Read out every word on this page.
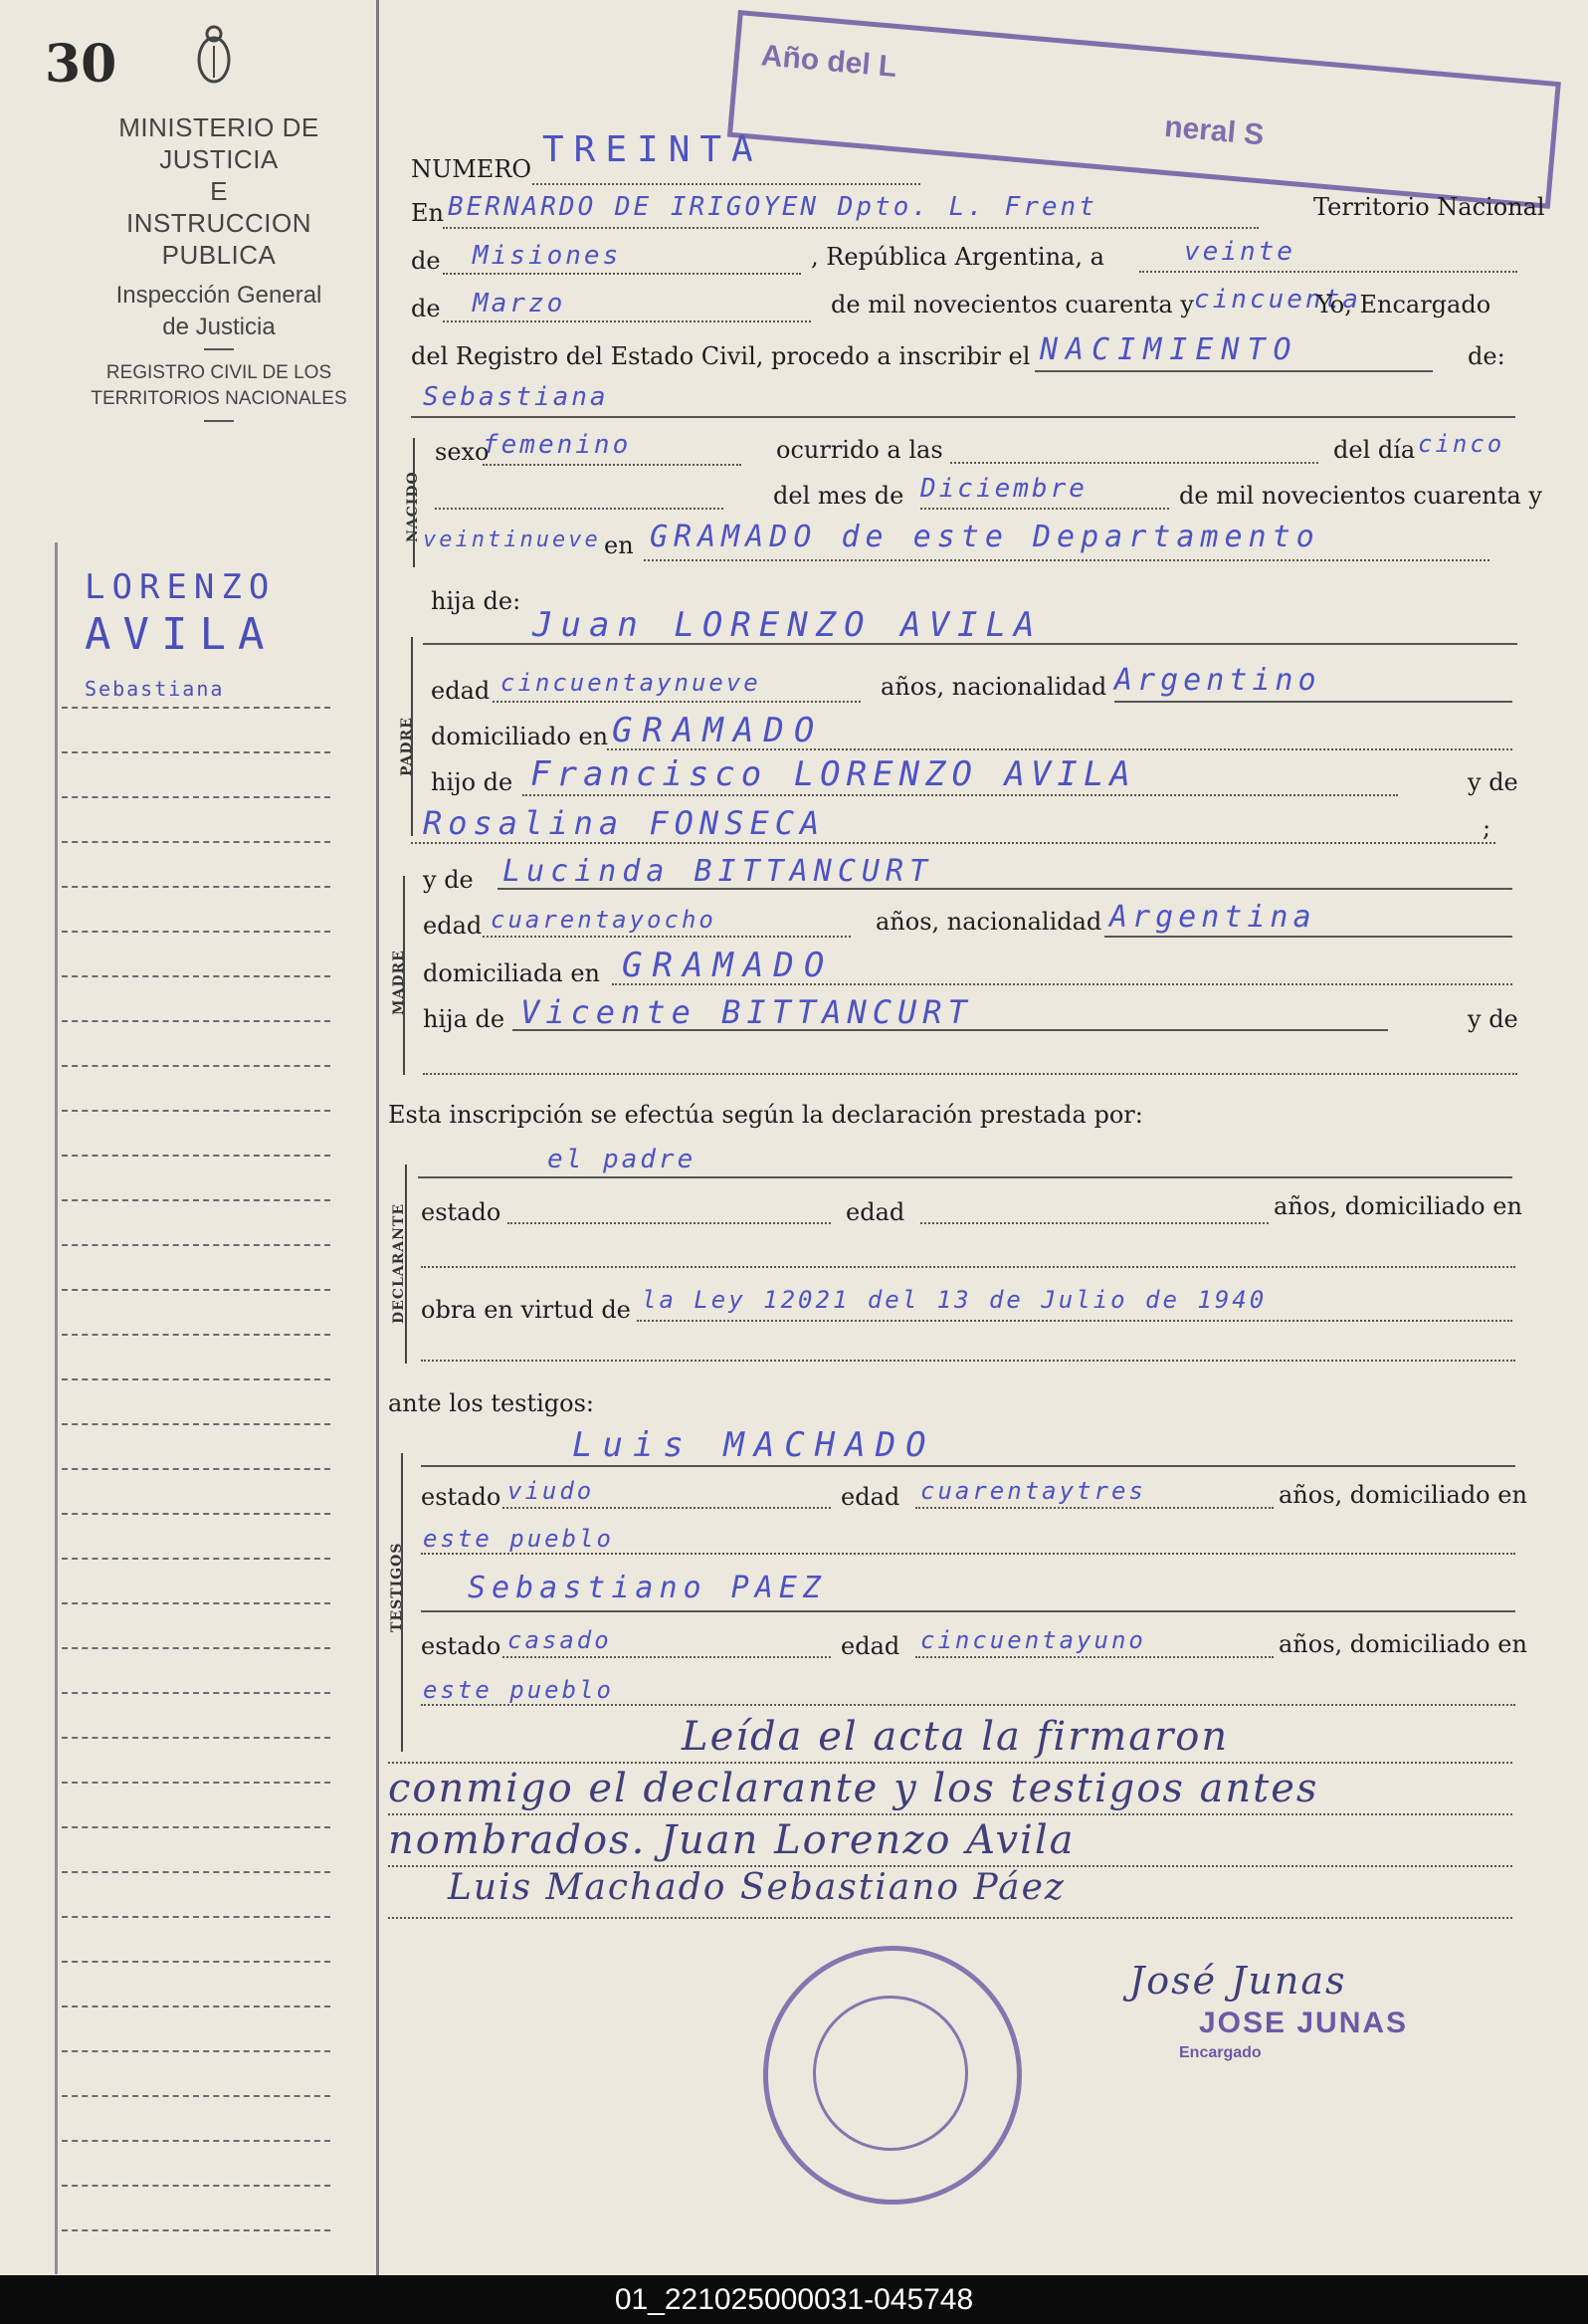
30
MINISTERIO DE JUSTICIA
E
INSTRUCCION PUBLICA
Inspección General
de Justicia
REGISTRO CIVIL DE LOS
TERRITORIOS NACIONALES
LORENZO
AVILA
Sebastiana
Año del L
neral S
NUMERO TREINTA
En BERNARDO DE IRIGOYEN Dpto. L. Frent	Territorio Nacional
de Misiones	, República Argentina, a	veinte
de Marzo	de mil novecientos cuarenta y cincuenta
Yo, Encargado
del Registro del Estado Civil, procedo a inscribir el NACIMIENTO	de:
Sebastiana
NACIDO
sexo
femenino	ocurrido a las	del día cinco
del mes de Diciembre	de mil novecientos cuarenta y
veintinueve en GRAMADO de este Departamento
hija de:
PADRE
Juan LORENZO AVILA
edad cincuentaynueve	años, nacionalidad Argentino
domiciliado en GRAMADO
hijo de Francisco LORENZO AVILA	y de
Rosalina FONSECA	;
MADRE
y de Lucinda BITTANCURT
edad cuarentayocho	años, nacionalidad Argentina
domiciliada en GRAMADO
hija de Vicente BITTANCURT	y de
Esta inscripción se efectúa según la declaración prestada por:
DECLARANTE
el padre
estado	edad	años, domiciliado en
obra en virtud de la Ley 12021 del 13 de Julio de 1940
ante los testigos:
TESTIGOS
Luis MACHADO
estado viudo	edad cuarentaytres	años, domiciliado en
este pueblo
Sebastiano PAEZ
estado casado	edad cincuentayuno	años, domiciliado en
este pueblo
Leída el acta la firmaron
conmigo el declarante y los testigos antes
nombrados. Juan Lorenzo Avila
Luis Machado Sebastiano Páez
José Junas
JOSE JUNAS
Encargado
01_221025000031-045748
